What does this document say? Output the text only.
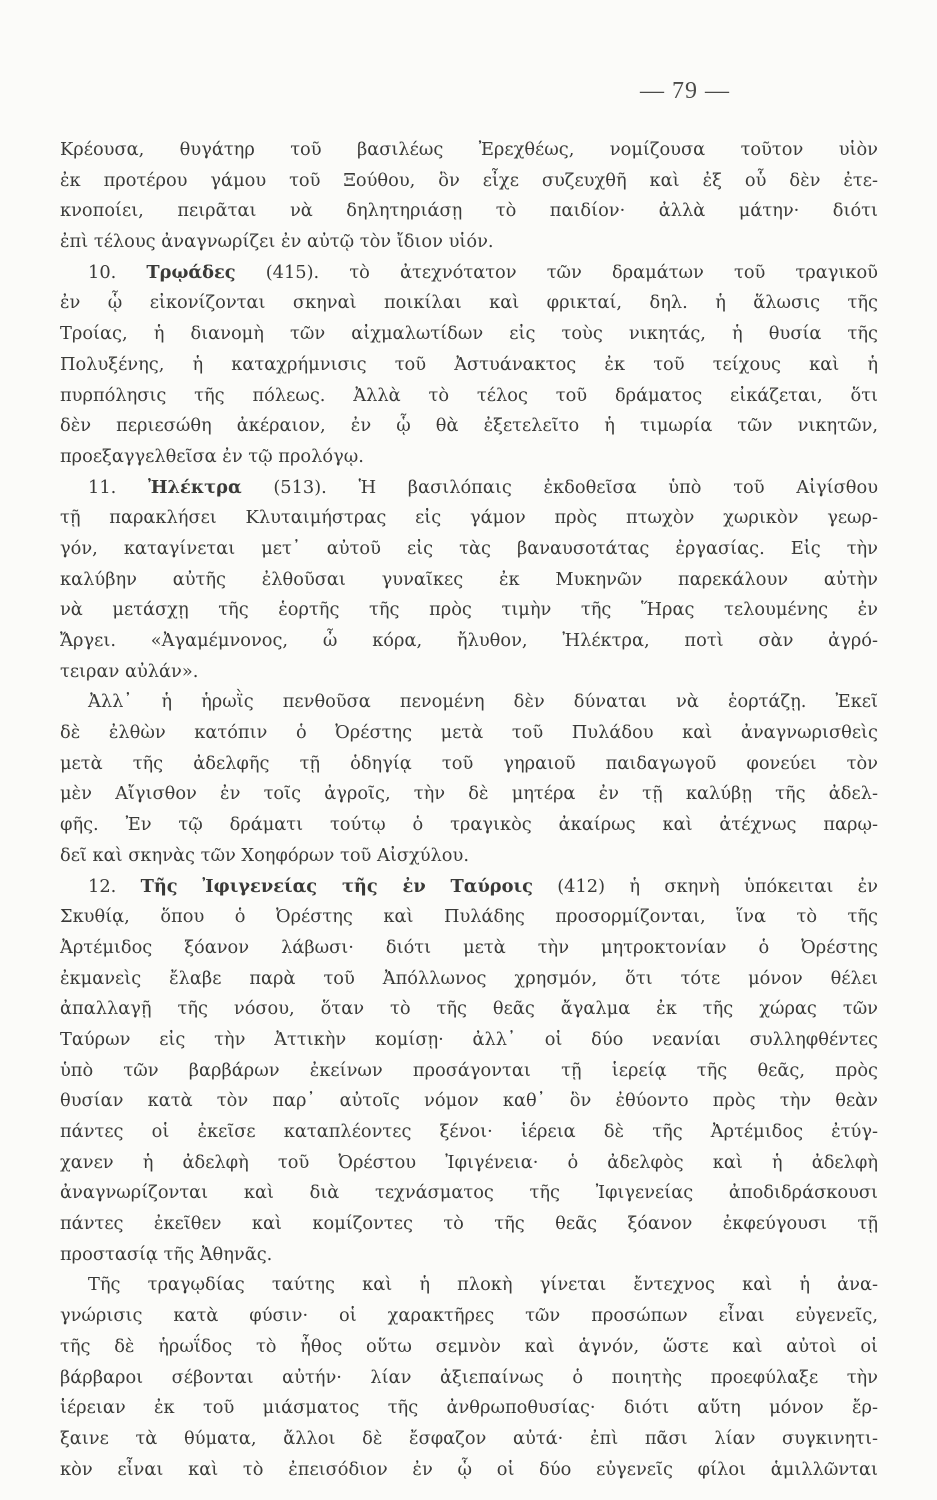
— 79 —
Κρέουσα, θυγάτηρ τοῦ βασιλέως Ἐρεχθέως, νομίζουσα τοῦτον υἱὸν
ἐκ προτέρου γάμου τοῦ Ξούθου, ὃν εἶχε συζευχθῆ καὶ ἐξ οὗ δὲν ἐτε-
κνοποίει, πειρᾶται νὰ δηλητηριάσῃ τὸ παιδίον· ἀλλὰ μάτην· διότι
ἐπὶ τέλους ἀναγνωρίζει ἐν αὐτῷ τὸν ἴδιον υἱόν.
10. Τρῳάδες (415). τὸ ἀτεχνότατον τῶν δραμάτων τοῦ τραγικοῦ
ἐν ᾧ εἰκονίζονται σκηναὶ ποικίλαι καὶ φρικταί, δηλ. ἡ ἅλωσις τῆς
Τροίας, ἡ διανομὴ τῶν αἰχμαλωτίδων εἰς τοὺς νικητάς, ἡ θυσία τῆς
Πολυξένης, ἡ καταχρήμνισις τοῦ Ἀστυάνακτος ἐκ τοῦ τείχους καὶ ἡ
πυρπόλησις τῆς πόλεως. Ἀλλὰ τὸ τέλος τοῦ δράματος εἰκάζεται, ὅτι
δὲν περιεσώθη ἀκέραιον, ἐν ᾧ θὰ ἐξετελεῖτο ἡ τιμωρία τῶν νικητῶν,
προεξαγγελθεῖσα ἐν τῷ προλόγῳ.
11. Ἠλέκτρα (513). Ἡ βασιλόπαις ἐκδοθεῖσα ὑπὸ τοῦ Αἰγίσθου
τῇ παρακλήσει Κλυταιμήστρας εἰς γάμον πρὸς πτωχὸν χωρικὸν γεωρ-
γόν, καταγίνεται μετ᾽ αὐτοῦ εἰς τὰς βαναυσοτάτας ἐργασίας. Εἰς τὴν
καλύβην αὐτῆς ἐλθοῦσαι γυναῖκες ἐκ Μυκηνῶν παρεκάλουν αὐτὴν
νὰ μετάσχῃ τῆς ἑορτῆς τῆς πρὸς τιμὴν τῆς Ἥρας τελουμένης ἐν
Ἄργει. «Ἀγαμέμνονος, ὦ κόρα, ἤλυθον, Ἠλέκτρα, ποτὶ σὰν ἀγρό-
τειραν αὐλάν».
Ἀλλ᾽ ἡ ἡρωῒς πενθοῦσα πενομένη δὲν δύναται νὰ ἑορτάζῃ. Ἐκεῖ
δὲ ἐλθὼν κατόπιν ὁ Ὀρέστης μετὰ τοῦ Πυλάδου καὶ ἀναγνωρισθεὶς
μετὰ τῆς ἀδελφῆς τῇ ὁδηγίᾳ τοῦ γηραιοῦ παιδαγωγοῦ φονεύει τὸν
μὲν Αἴγισθον ἐν τοῖς ἀγροῖς, τὴν δὲ μητέρα ἐν τῇ καλύβῃ τῆς ἀδελ-
φῆς. Ἐν τῷ δράματι τούτῳ ὁ τραγικὸς ἀκαίρως καὶ ἀτέχνως παρῳ-
δεῖ καὶ σκηνὰς τῶν Χοηφόρων τοῦ Αἰσχύλου.
12. Τῆς Ἰφιγενείας τῆς ἐν Ταύροις (412) ἡ σκηνὴ ὑπόκειται ἐν
Σκυθίᾳ, ὅπου ὁ Ὀρέστης καὶ Πυλάδης προσορμίζονται, ἵνα τὸ τῆς
Ἀρτέμιδος ξόανον λάβωσι· διότι μετὰ τὴν μητροκτονίαν ὁ Ὀρέστης
ἐκμανεὶς ἔλαβε παρὰ τοῦ Ἀπόλλωνος χρησμόν, ὅτι τότε μόνον θέλει
ἀπαλλαγῇ τῆς νόσου, ὅταν τὸ τῆς θεᾶς ἄγαλμα ἐκ τῆς χώρας τῶν
Ταύρων εἰς τὴν Ἀττικὴν κομίσῃ· ἀλλ᾽ οἱ δύο νεανίαι συλληφθέντες
ὑπὸ τῶν βαρβάρων ἐκείνων προσάγονται τῇ ἱερείᾳ τῆς θεᾶς, πρὸς
θυσίαν κατὰ τὸν παρ᾽ αὐτοῖς νόμον καθ᾽ ὃν ἐθύοντο πρὸς τὴν θεὰν
πάντες οἱ ἐκεῖσε καταπλέοντες ξένοι· ἱέρεια δὲ τῆς Ἀρτέμιδος ἐτύγ-
χανεν ἡ ἀδελφὴ τοῦ Ὀρέστου Ἰφιγένεια· ὁ ἀδελφὸς καὶ ἡ ἀδελφὴ
ἀναγνωρίζονται καὶ διὰ τεχνάσματος τῆς Ἰφιγενείας ἀποδιδράσκουσι
πάντες ἐκεῖθεν καὶ κομίζοντες τὸ τῆς θεᾶς ξόανον ἐκφεύγουσι τῇ
προστασίᾳ τῆς Ἀθηνᾶς.
Τῆς τραγῳδίας ταύτης καὶ ἡ πλοκὴ γίνεται ἔντεχνος καὶ ἡ ἀνα-
γνώρισις κατὰ φύσιν· οἱ χαρακτῆρες τῶν προσώπων εἶναι εὐγενεῖς,
τῆς δὲ ἡρωΐδος τὸ ἦθος οὕτω σεμνὸν καὶ ἁγνόν, ὥστε καὶ αὐτοὶ οἱ
βάρβαροι σέβονται αὐτήν· λίαν ἀξιεπαίνως ὁ ποιητὴς προεφύλαξε τὴν
ἱέρειαν ἐκ τοῦ μιάσματος τῆς ἀνθρωποθυσίας· διότι αὕτη μόνον ἔρ-
ξαινε τὰ θύματα, ἄλλοι δὲ ἔσφαζον αὐτά· ἐπὶ πᾶσι λίαν συγκινητι-
κὸν εἶναι καὶ τὸ ἐπεισόδιον ἐν ᾧ οἱ δύο εὐγενεῖς φίλοι ἁμιλλῶνται
